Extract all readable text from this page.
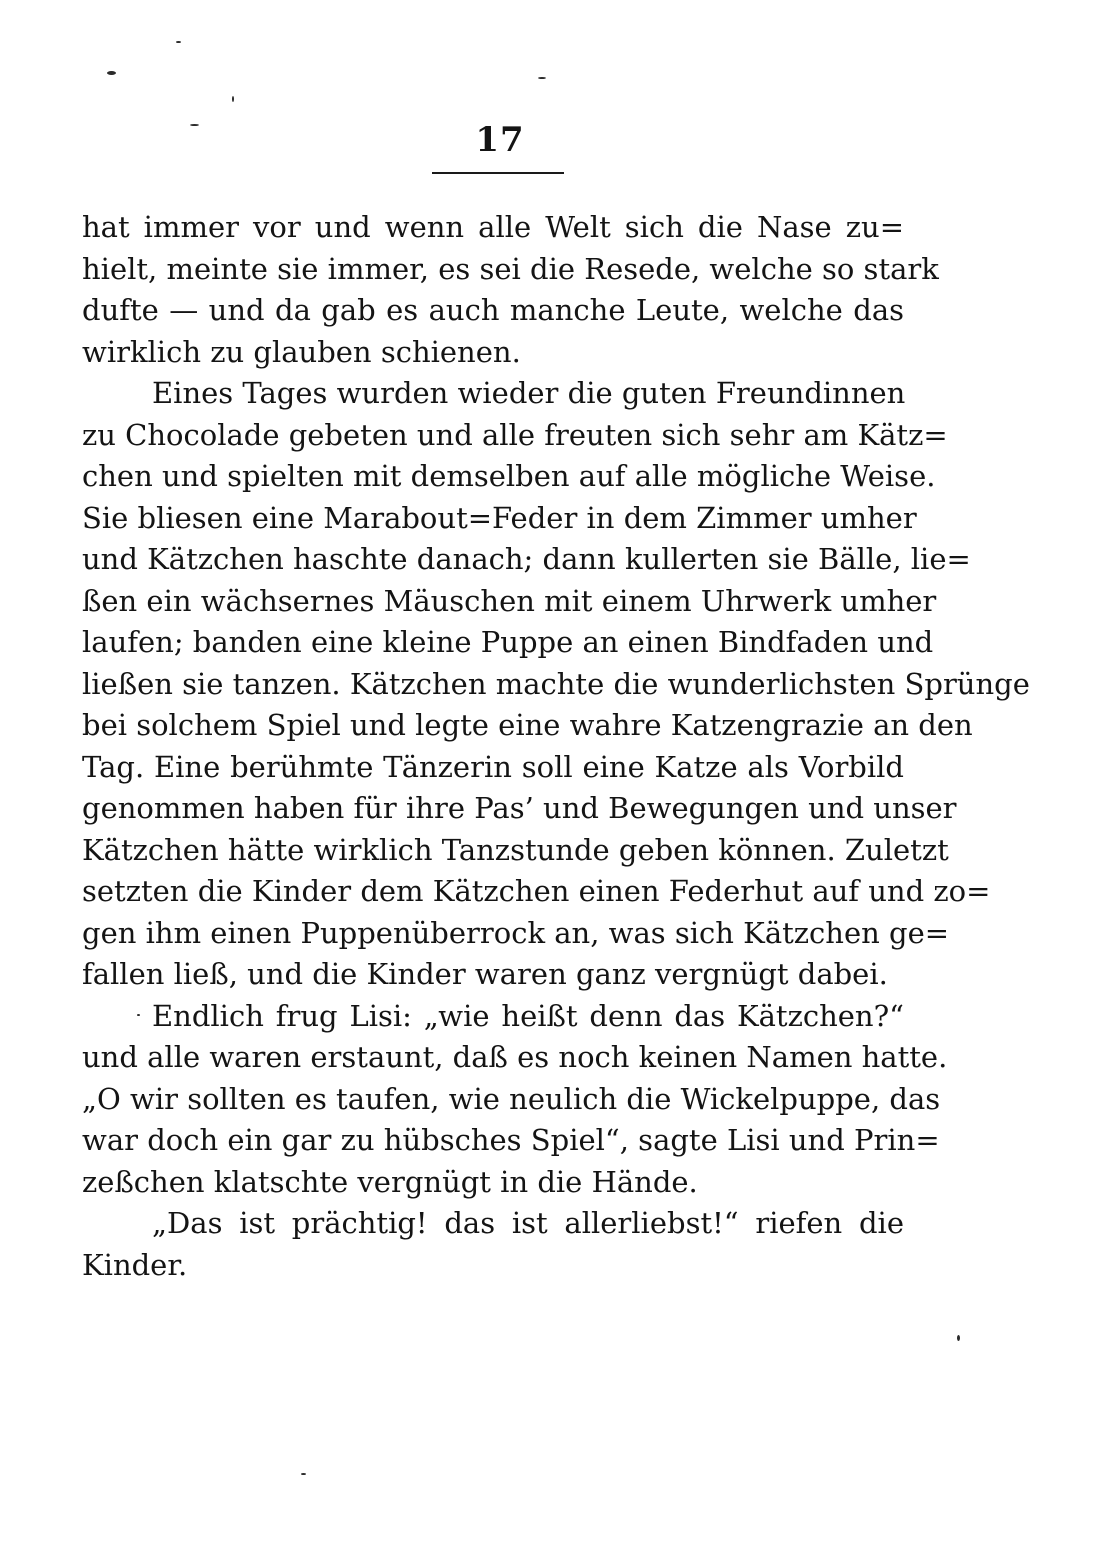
17
hat immer vor und wenn alle Welt sich die Nase zu=
hielt, meinte sie immer, es sei die Resede, welche so stark
dufte — und da gab es auch manche Leute, welche das
wirklich zu glauben schienen.
Eines Tages wurden wieder die guten Freundinnen
zu Chocolade gebeten und alle freuten sich sehr am Kätz=
chen und spielten mit demselben auf alle mögliche Weise.
Sie bliesen eine Marabout=Feder in dem Zimmer umher
und Kätzchen haschte danach; dann kullerten sie Bälle, lie=
ßen ein wächsernes Mäuschen mit einem Uhrwerk umher
laufen; banden eine kleine Puppe an einen Bindfaden und
ließen sie tanzen. Kätzchen machte die wunderlichsten Sprünge
bei solchem Spiel und legte eine wahre Katzengrazie an den
Tag. Eine berühmte Tänzerin soll eine Katze als Vorbild
genommen haben für ihre Pas’ und Bewegungen und unser
Kätzchen hätte wirklich Tanzstunde geben können. Zuletzt
setzten die Kinder dem Kätzchen einen Federhut auf und zo=
gen ihm einen Puppenüberrock an, was sich Kätzchen ge=
fallen ließ, und die Kinder waren ganz vergnügt dabei.
Endlich frug Lisi: „wie heißt denn das Kätzchen?“
und alle waren erstaunt, daß es noch keinen Namen hatte.
„O wir sollten es taufen, wie neulich die Wickelpuppe, das
war doch ein gar zu hübsches Spiel“, sagte Lisi und Prin=
zeßchen klatschte vergnügt in die Hände.
„Das ist prächtig! das ist allerliebst!“ riefen die
Kinder.
